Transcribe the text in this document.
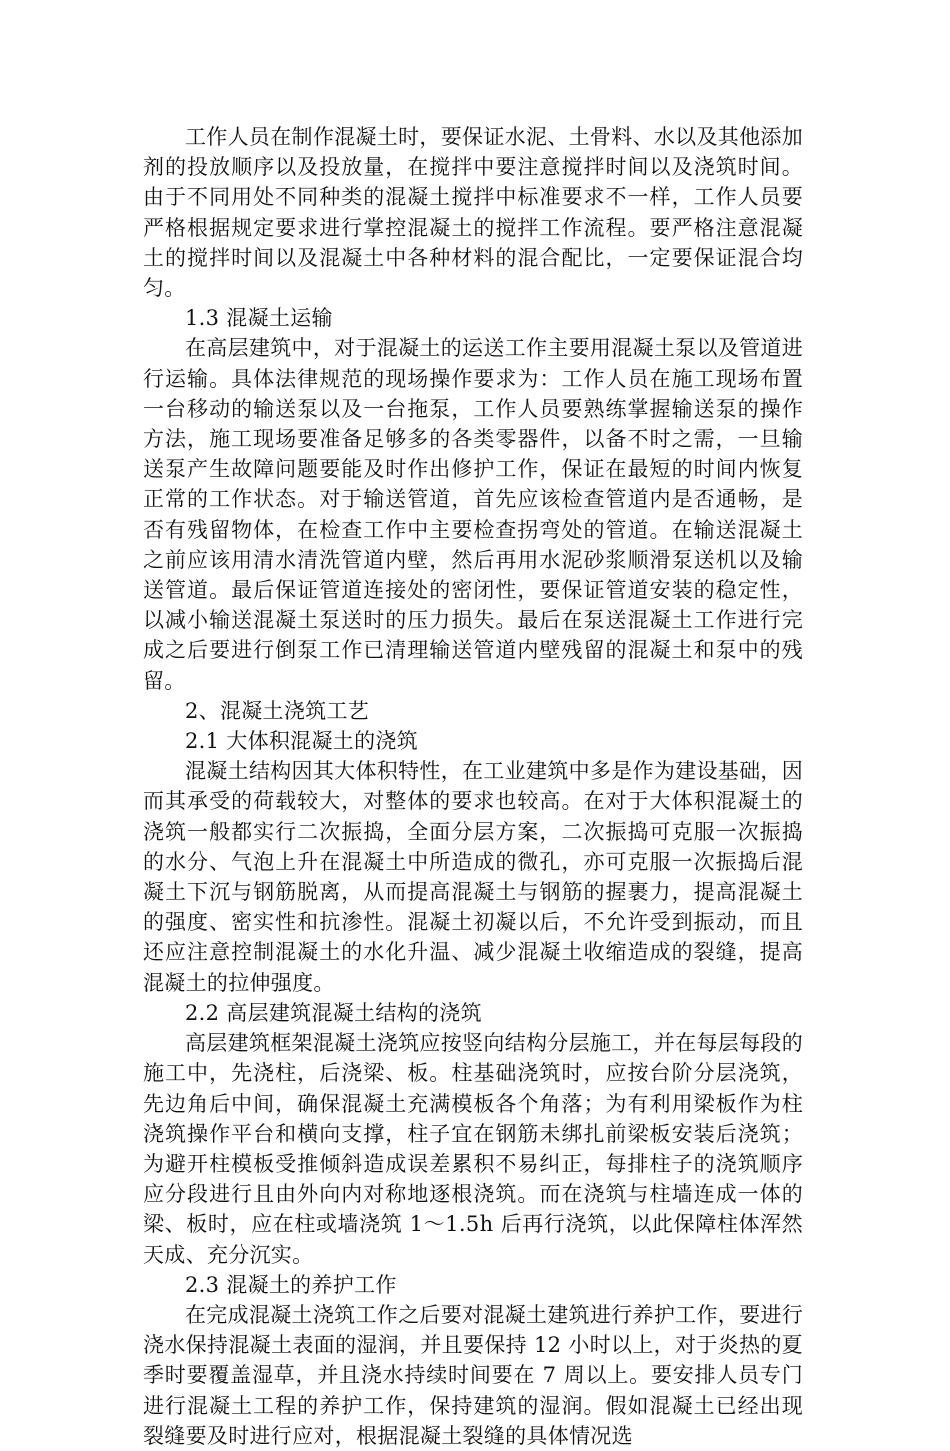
工作人员在制作混凝土时，要保证水泥、土骨料、水以及其他添加剂的投放顺序以及投放量，在搅拌中要注意搅拌时间以及浇筑时间。由于不同用处不同种类的混凝土搅拌中标准要求不一样，工作人员要严格根据规定要求进行掌控混凝土的搅拌工作流程。要严格注意混凝土的搅拌时间以及混凝土中各种材料的混合配比，一定要保证混合均匀。

1.3 混凝土运输

在高层建筑中，对于混凝土的运送工作主要用混凝土泵以及管道进行运输。具体法律规范的现场操作要求为：工作人员在施工现场布置一台移动的输送泵以及一台拖泵，工作人员要熟练掌握输送泵的操作方法，施工现场要准备足够多的各类零器件，以备不时之需，一旦输送泵产生故障问题要能及时作出修护工作，保证在最短的时间内恢复正常的工作状态。对于输送管道，首先应该检查管道内是否通畅，是否有残留物体，在检查工作中主要检查拐弯处的管道。在输送混凝土之前应该用清水清洗管道内壁，然后再用水泥砂浆顺滑泵送机以及输送管道。最后保证管道连接处的密闭性，要保证管道安装的稳定性，以减小输送混凝土泵送时的压力损失。最后在泵送混凝土工作进行完成之后要进行倒泵工作已清理输送管道内壁残留的混凝土和泵中的残留。

2、混凝土浇筑工艺

2.1 大体积混凝土的浇筑

混凝土结构因其大体积特性，在工业建筑中多是作为建设基础，因而其承受的荷载较大，对整体的要求也较高。在对于大体积混凝土的浇筑一般都实行二次振捣，全面分层方案，二次振捣可克服一次振捣的水分、气泡上升在混凝土中所造成的微孔，亦可克服一次振捣后混凝土下沉与钢筋脱离，从而提高混凝土与钢筋的握裹力，提高混凝土的强度、密实性和抗渗性。混凝土初凝以后，不允许受到振动，而且还应注意控制混凝土的水化升温、减少混凝土收缩造成的裂缝，提高混凝土的拉伸强度。

2.2 高层建筑混凝土结构的浇筑

高层建筑框架混凝土浇筑应按竖向结构分层施工，并在每层每段的施工中，先浇柱，后浇梁、板。柱基础浇筑时，应按台阶分层浇筑，先边角后中间，确保混凝土充满模板各个角落；为有利用梁板作为柱浇筑操作平台和横向支撑，柱子宜在钢筋未绑扎前梁板安装后浇筑；为避开柱模板受推倾斜造成误差累积不易纠正，每排柱子的浇筑顺序应分段进行且由外向内对称地逐根浇筑。而在浇筑与柱墙连成一体的梁、板时，应在柱或墙浇筑 1～1.5h 后再行浇筑，以此保障柱体浑然天成、充分沉实。

2.3 混凝土的养护工作

在完成混凝土浇筑工作之后要对混凝土建筑进行养护工作，要进行浇水保持混凝土表面的湿润，并且要保持 12 小时以上，对于炎热的夏季时要覆盖湿草，并且浇水持续时间要在 7 周以上。要安排人员专门进行混凝土工程的养护工作，保持建筑的湿润。假如混凝土已经出现裂缝要及时进行应对，根据混凝土裂缝的具体情况选
